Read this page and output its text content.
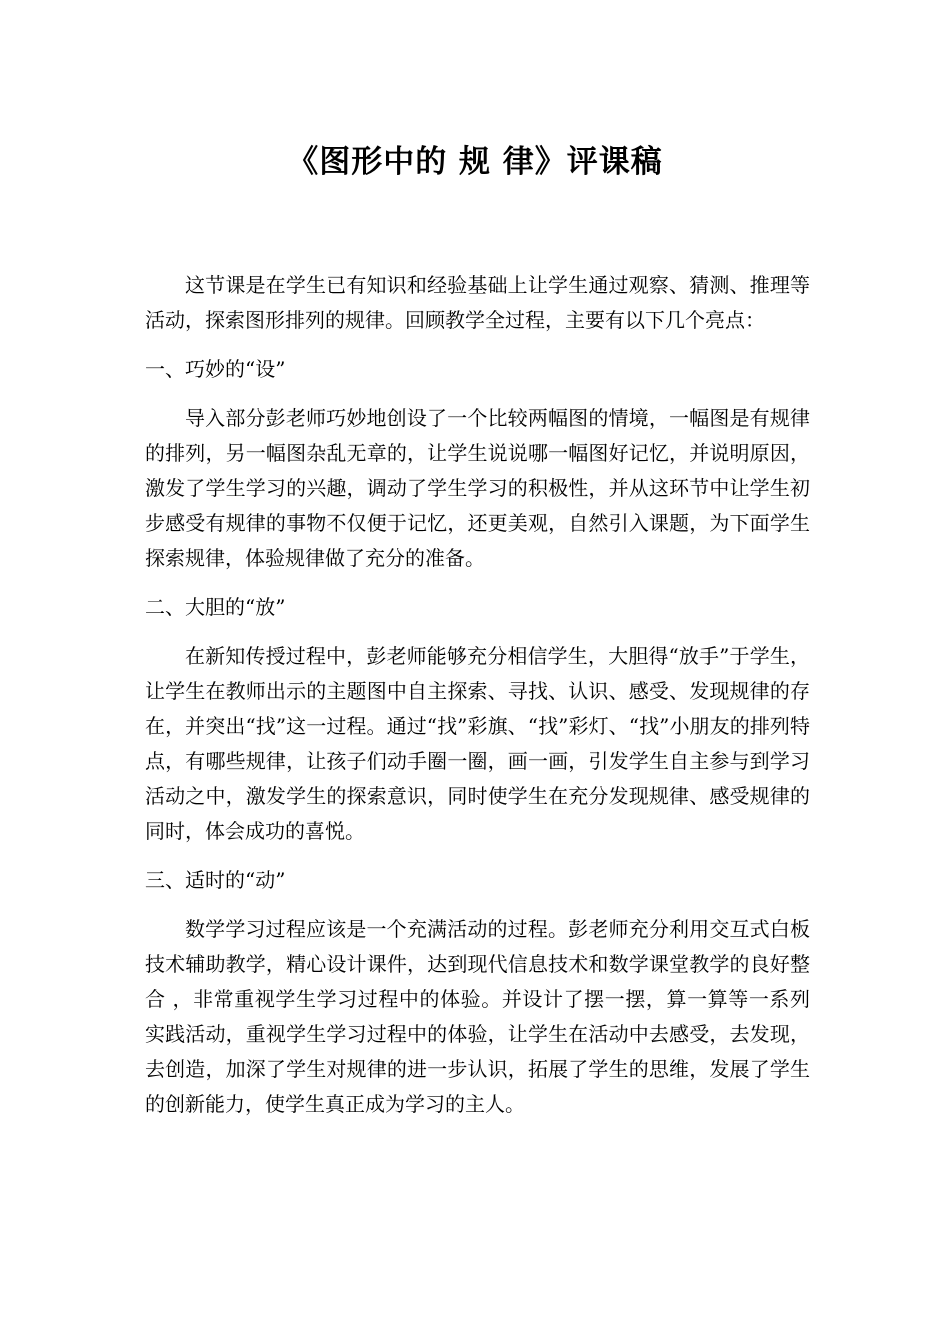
《图形中的 规 律》评课稿

这节课是在学生已有知识和经验基础上让学生通过观察、猜测、推理等活动，探索图形排列的规律。回顾教学全过程，主要有以下几个亮点：

一、巧妙的“设”

导入部分彭老师巧妙地创设了一个比较两幅图的情境，一幅图是有规律的排列，另一幅图杂乱无章的，让学生说说哪一幅图好记忆，并说明原因，激发了学生学习的兴趣，调动了学生学习的积极性，并从这环节中让学生初步感受有规律的事物不仅便于记忆，还更美观，自然引入课题，为下面学生探索规律，体验规律做了充分的准备。

二、大胆的“放”

在新知传授过程中，彭老师能够充分相信学生，大胆得“放手”于学生，让学生在教师出示的主题图中自主探索、寻找、认识、感受、发现规律的存在，并突出“找”这一过程。通过“找”彩旗、“找”彩灯、“找”小朋友的排列特点，有哪些规律，让孩子们动手圈一圈，画一画，引发学生自主参与到学习活动之中，激发学生的探索意识，同时使学生在充分发现规律、感受规律的同时，体会成功的喜悦。

三、适时的“动”

数学学习过程应该是一个充满活动的过程。彭老师充分利用交互式白板技术辅助教学，精心设计课件，达到现代信息技术和数学课堂教学的良好整合 ，非常重视学生学习过程中的体验。并设计了摆一摆，算一算等一系列实践活动，重视学生学习过程中的体验，让学生在活动中去感受，去发现，去创造，加深了学生对规律的进一步认识，拓展了学生的思维，发展了学生的创新能力，使学生真正成为学习的主人。
